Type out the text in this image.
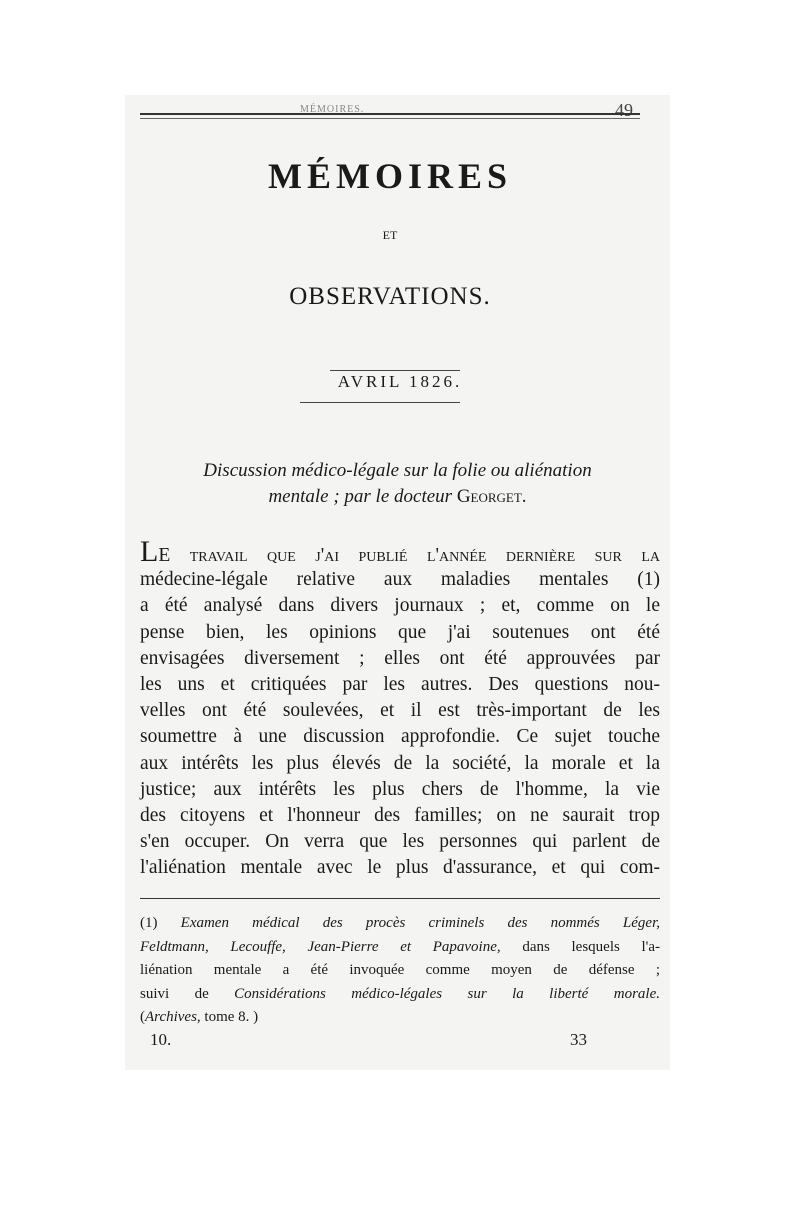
MÉMOIRES.	49
MÉMOIRES
ET
OBSERVATIONS.
AVRIL 1826.
Discussion médico-légale sur la folie ou aliénation
mentale ; par le docteur Georget.
LE travail que j'ai publié l'année dernière sur la
médecine-légale relative aux maladies mentales (1)
a été analysé dans divers journaux ; et, comme on le
pense bien, les opinions que j'ai soutenues ont été
envisagées diversement ; elles ont été approuvées par
les uns et critiquées par les autres. Des questions nou-
velles ont été soulevées, et il est très-important de les
soumettre à une discussion approfondie. Ce sujet touche
aux intérêts les plus élevés de la société, la morale et la
justice; aux intérêts les plus chers de l'homme, la vie
des citoyens et l'honneur des familles; on ne saurait trop
s'en occuper. On verra que les personnes qui parlent de
l'aliénation mentale avec le plus d'assurance, et qui com-
(1) Examen médical des procès criminels des nommés Léger,
Feldtmann, Lecouffe, Jean-Pierre et Papavoine, dans lesquels l'a-
liénation mentale a été invoquée comme moyen de défense ;
suivi de Considérations médico-légales sur la liberté morale.
(Archives, tome 8. )
10.	33
